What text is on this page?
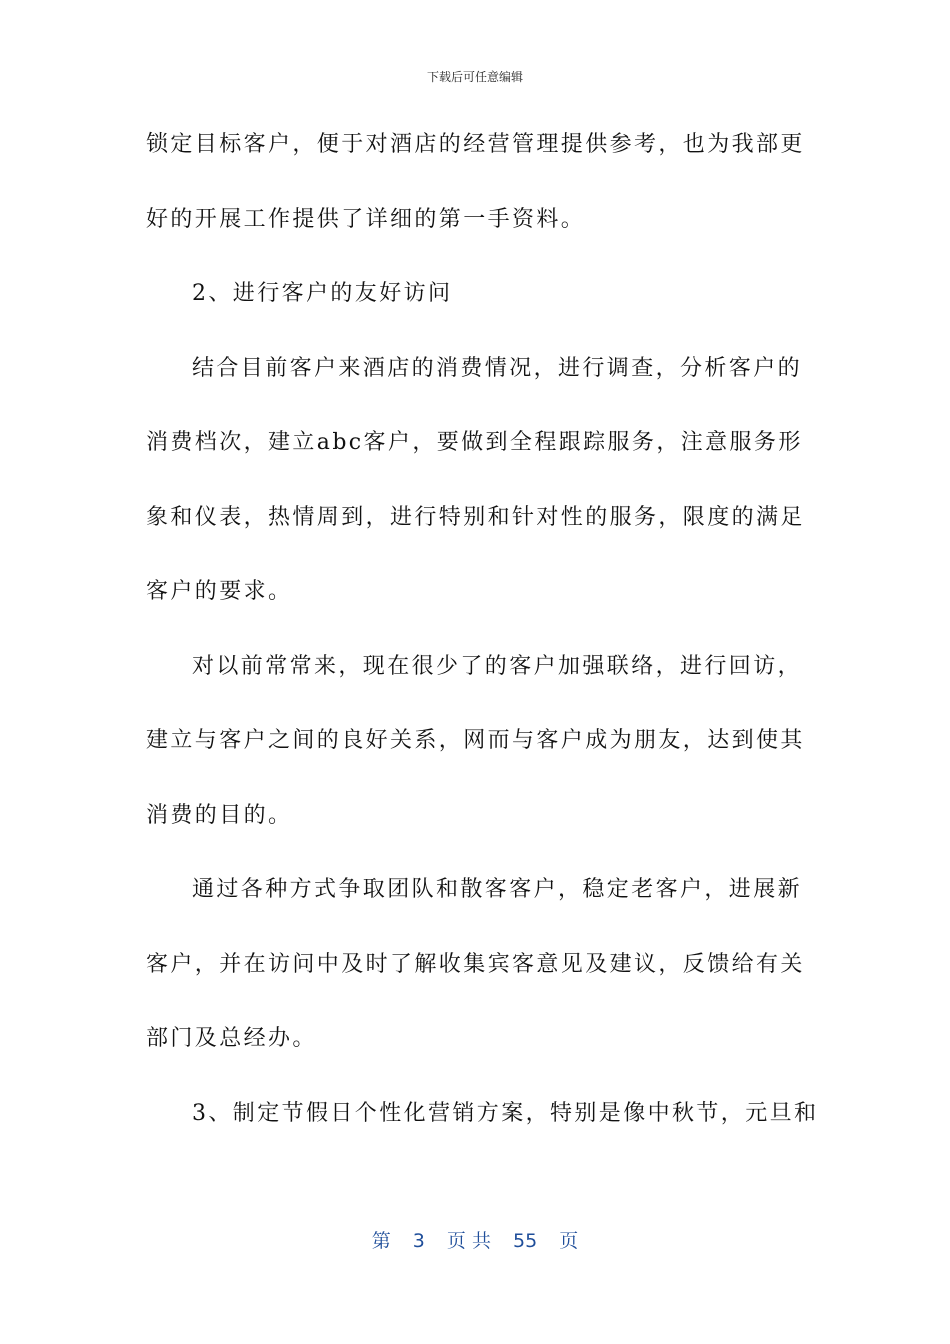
下载后可任意编辑
锁定目标客户，便于对酒店的经营管理提供参考，也为我部更
好的开展工作提供了详细的第一手资料。
2、进行客户的友好访问
结合目前客户来酒店的消费情况，进行调查，分析客户的
消费档次，建立abc客户，要做到全程跟踪服务，注意服务形
象和仪表，热情周到，进行特别和针对性的服务，限度的满足
客户的要求。
对以前常常来，现在很少了的客户加强联络，进行回访，
建立与客户之间的良好关系，网而与客户成为朋友，达到使其
消费的目的。
通过各种方式争取团队和散客客户，稳定老客户，进展新
客户，并在访问中及时了解收集宾客意见及建议，反馈给有关
部门及总经办。
3、制定节假日个性化营销方案，特别是像中秋节，元旦和
第 3 页 共 55 页
